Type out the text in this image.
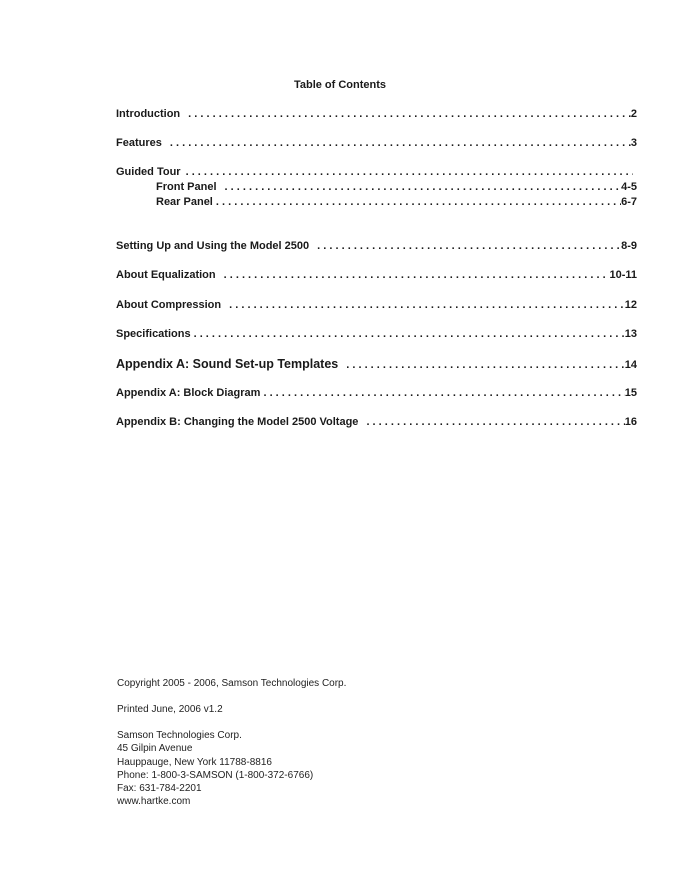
Table of Contents
Introduction . . .	2
Features . . .	3
Guided Tour
. . .
Front Panel . . .	4-5
Rear Panel . . .	6-7
Setting Up and Using the Model 2500 . . .	8-9
About Equalization . . .	10-11
About Compression . . .	12
Specifications . . .	13
Appendix A: Sound Set-up Templates . . .	14
Appendix A: Block Diagram . . .	15
Appendix B: Changing the Model 2500 Voltage . . .	16

Copyright 2005 - 2006, Samson Technologies Corp.

Printed June, 2006 v1.2

Samson Technologies Corp.

45 Gilpin Avenue

Hauppauge, New York 11788-8816

Phone: 1-800-3-SAMSON (1-800-372-6766)

Fax: 631-784-2201

www.hartke.com
